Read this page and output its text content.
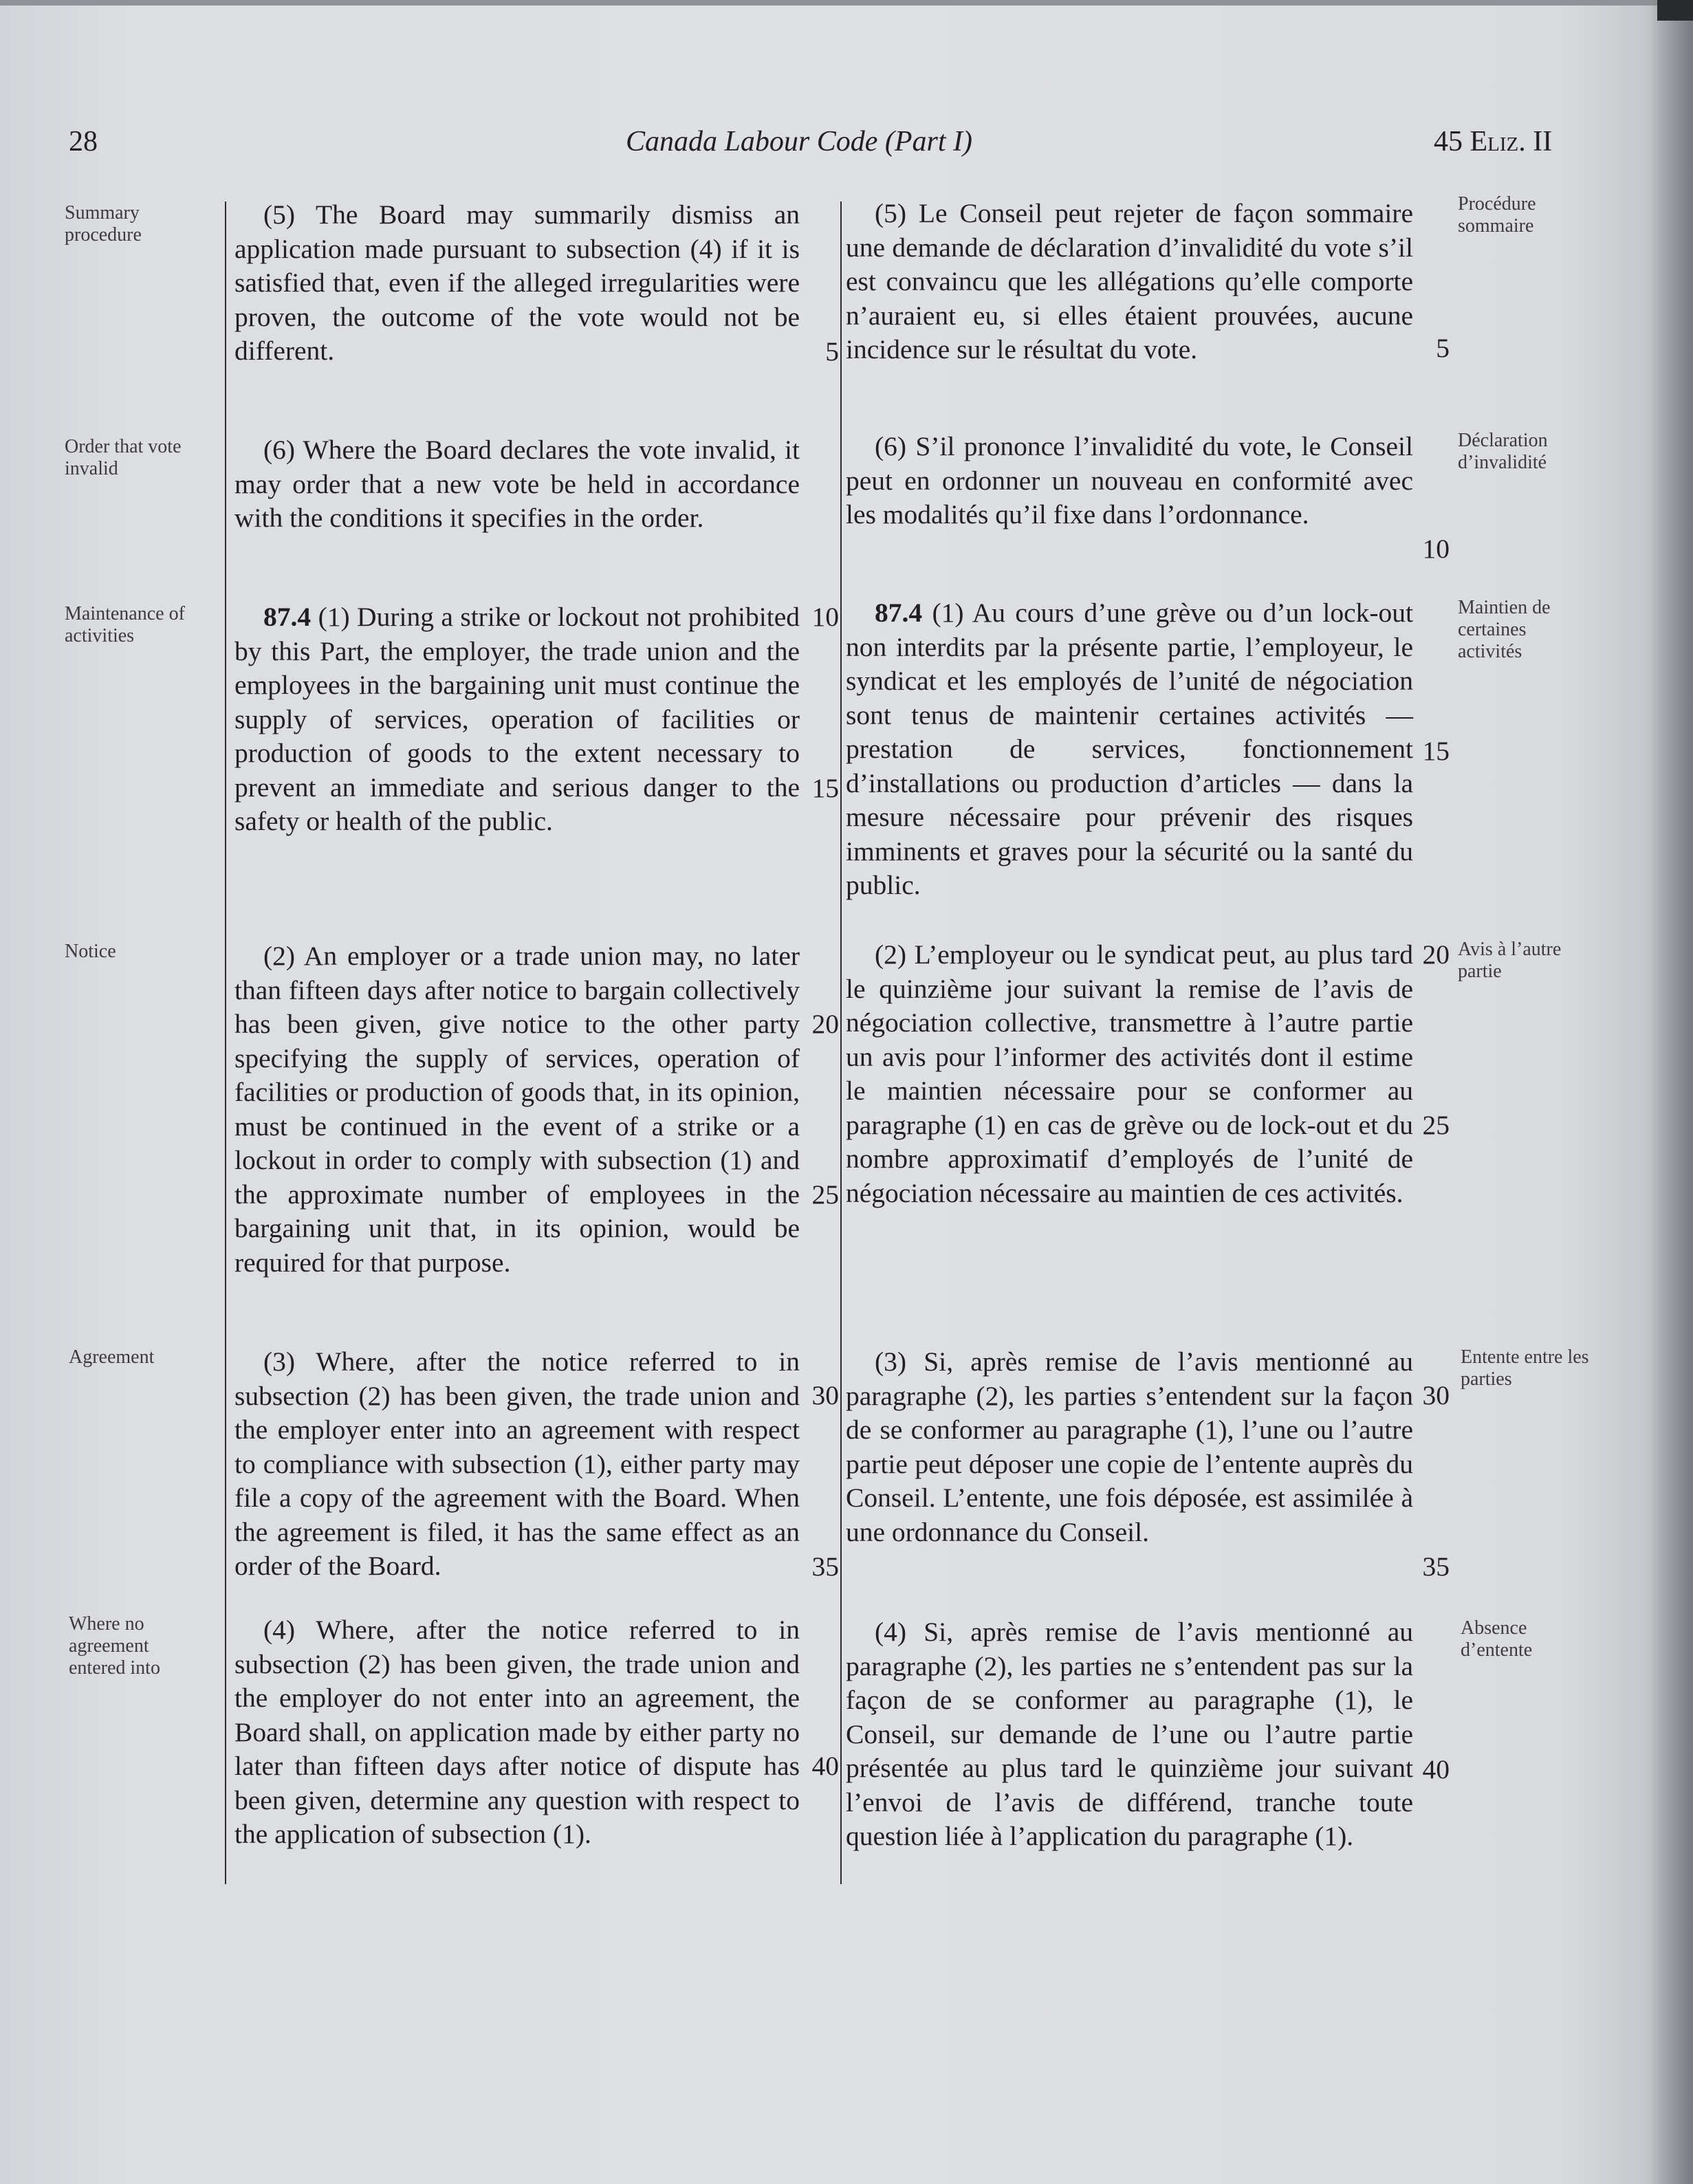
28	Canada Labour Code (Part I)	45 Eliz. II
Summary procedure
Order that vote invalid
Maintenance of activities
Notice
Agreement
Where no agreement entered into
Procédure sommaire
Déclaration d’invalidité
Maintien de certaines activités
Avis à l’autre partie
Entente entre les parties
Absence d’entente

(5) The Board may summarily dismiss an application made pursuant to subsection (4) if it is satisfied that, even if the alleged irregularities were proven, the outcome of the vote would not be different.

(6) Where the Board declares the vote invalid, it may order that a new vote be held in accordance with the conditions it specifies in the order.

87.4 (1) During a strike or lockout not prohibited by this Part, the employer, the trade union and the employees in the bargaining unit must continue the supply of services, operation of facilities or production of goods to the extent necessary to prevent an immediate and serious danger to the safety or health of the public.

(2) An employer or a trade union may, no later than fifteen days after notice to bargain collectively has been given, give notice to the other party specifying the supply of services, operation of facilities or production of goods that, in its opinion, must be continued in the event of a strike or a lockout in order to comply with subsection (1) and the approximate number of employees in the bargaining unit that, in its opinion, would be required for that purpose.

(3) Where, after the notice referred to in subsection (2) has been given, the trade union and the employer enter into an agreement with respect to compliance with subsection (1), either party may file a copy of the agreement with the Board. When the agreement is filed, it has the same effect as an order of the Board.

(4) Where, after the notice referred to in subsection (2) has been given, the trade union and the employer do not enter into an agreement, the Board shall, on application made by either party no later than fifteen days after notice of dispute has been given, determine any question with respect to the application of subsection (1).

(5) Le Conseil peut rejeter de façon sommaire une demande de déclaration d’invalidité du vote s’il est convaincu que les allégations qu’elle comporte n’auraient eu, si elles étaient prouvées, aucune incidence sur le résultat du vote.

(6) S’il prononce l’invalidité du vote, le Conseil peut en ordonner un nouveau en conformité avec les modalités qu’il fixe dans l’ordonnance.

87.4 (1) Au cours d’une grève ou d’un lock-out non interdits par la présente partie, l’employeur, le syndicat et les employés de l’unité de négociation sont tenus de maintenir certaines activités — prestation de services, fonctionnement d’installations ou production d’articles — dans la mesure nécessaire pour prévenir des risques imminents et graves pour la sécurité ou la santé du public.

(2) L’employeur ou le syndicat peut, au plus tard le quinzième jour suivant la remise de l’avis de négociation collective, transmettre à l’autre partie un avis pour l’informer des activités dont il estime le maintien nécessaire pour se conformer au paragraphe (1) en cas de grève ou de lock-out et du nombre approximatif d’employés de l’unité de négociation nécessaire au maintien de ces activités.

(3) Si, après remise de l’avis mentionné au paragraphe (2), les parties s’entendent sur la façon de se conformer au paragraphe (1), l’une ou l’autre partie peut déposer une copie de l’entente auprès du Conseil. L’entente, une fois déposée, est assimilée à une ordonnance du Conseil.

(4) Si, après remise de l’avis mentionné au paragraphe (2), les parties ne s’entendent pas sur la façon de se conformer au paragraphe (1), le Conseil, sur demande de l’une ou l’autre partie présentée au plus tard le quinzième jour suivant l’envoi de l’avis de différend, tranche toute question liée à l’application du paragraphe (1).

5
10
15
20
25
30
35
40
5
10
15
20
25
30
35
40
